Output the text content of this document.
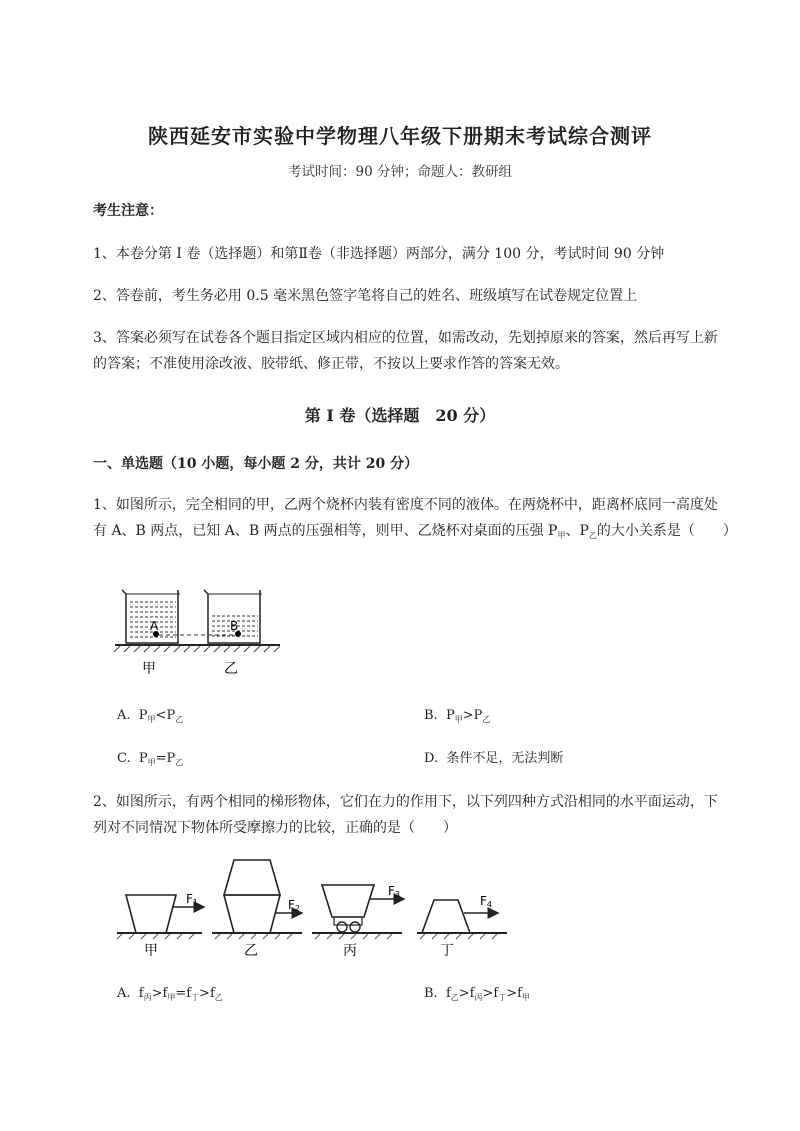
陕西延安市实验中学物理八年级下册期末考试综合测评
考试时间：90 分钟；命题人：教研组
考生注意：
1、本卷分第 I 卷（选择题）和第Ⅱ卷（非选择题）两部分，满分 100 分，考试时间 90 分钟
2、答卷前，考生务必用 0.5 毫米黑色签字笔将自己的姓名、班级填写在试卷规定位置上
3、答案必须写在试卷各个题目指定区域内相应的位置，如需改动，先划掉原来的答案，然后再写上新
的答案；不准使用涂改液、胶带纸、修正带，不按以上要求作答的答案无效。
第 I 卷（选择题　20 分）
一、单选题（10 小题，每小题 2 分，共计 20 分）
1、如图所示，完全相同的甲，乙两个烧杯内装有密度不同的液体。在两烧杯中，距离杯底同一高度处
有 A、B 两点，已知 A、B 两点的压强相等，则甲、乙烧杯对桌面的压强 $P_甲$、$P_乙$的大小关系是（　　）
A	B
甲	乙
A. $P_甲<P_乙$	B. $P_甲>P_乙$
C. $P_甲=P_乙$	D. 条件不足，无法判断
2、如图所示，有两个相同的梯形物体，它们在力的作用下，以下列四种方式沿相同的水平面运动，下
列对不同情况下物体所受摩擦力的比较，正确的是（　　）
F1	F2
F3	F4
甲	乙	丙	丁
A. $f_丙>f_甲=f_丁>f_乙$	B. $f_乙>f_丙>f_丁>f_甲$
